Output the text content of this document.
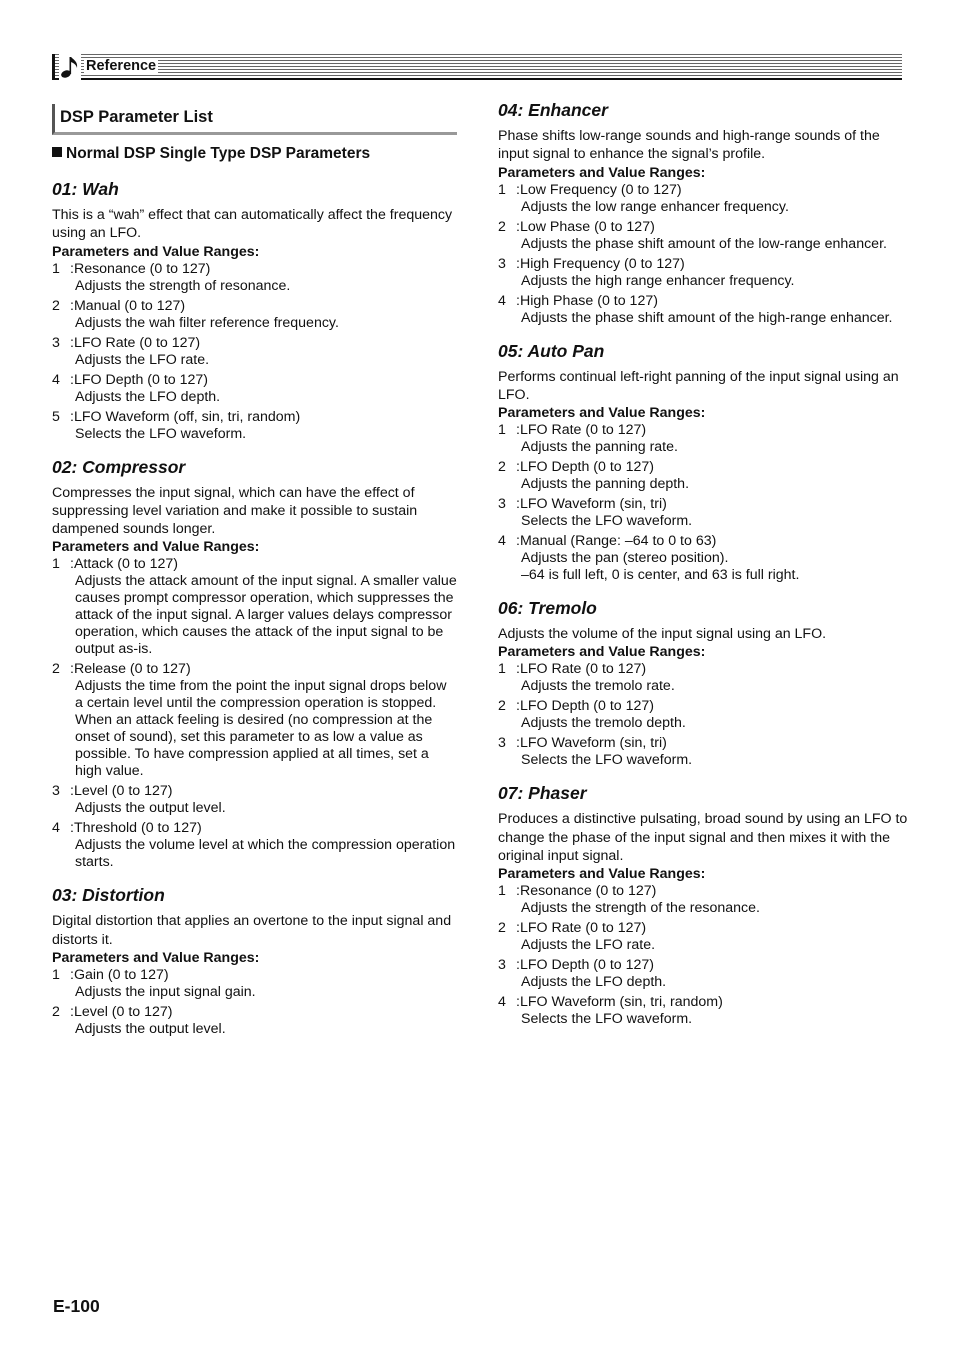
Reference
DSP Parameter List
Normal DSP Single Type DSP Parameters
01: Wah
This is a “wah” effect that can automatically affect the frequency using an LFO.
Parameters and Value Ranges:
1 :Resonance (0 to 127)
Adjusts the strength of resonance.
2 :Manual (0 to 127)
Adjusts the wah filter reference frequency.
3 :LFO Rate (0 to 127)
Adjusts the LFO rate.
4 :LFO Depth (0 to 127)
Adjusts the LFO depth.
5 :LFO Waveform (off, sin, tri, random)
Selects the LFO waveform.
02: Compressor
Compresses the input signal, which can have the effect of suppressing level variation and make it possible to sustain dampened sounds longer.
Parameters and Value Ranges:
1 :Attack (0 to 127)
Adjusts the attack amount of the input signal. A smaller value causes prompt compressor operation, which suppresses the attack of the input signal. A larger values delays compressor operation, which causes the attack of the input signal to be output as-is.
2 :Release (0 to 127)
Adjusts the time from the point the input signal drops below a certain level until the compression operation is stopped. When an attack feeling is desired (no compression at the onset of sound), set this parameter to as low a value as possible. To have compression applied at all times, set a high value.
3 :Level (0 to 127)
Adjusts the output level.
4 :Threshold (0 to 127)
Adjusts the volume level at which the compression operation starts.
03: Distortion
Digital distortion that applies an overtone to the input signal and distorts it.
Parameters and Value Ranges:
1 :Gain (0 to 127)
Adjusts the input signal gain.
2 :Level (0 to 127)
Adjusts the output level.
04: Enhancer
Phase shifts low-range sounds and high-range sounds of the input signal to enhance the signal’s profile.
Parameters and Value Ranges:
1 :Low Frequency (0 to 127)
Adjusts the low range enhancer frequency.
2 :Low Phase (0 to 127)
Adjusts the phase shift amount of the low-range enhancer.
3 :High Frequency (0 to 127)
Adjusts the high range enhancer frequency.
4 :High Phase (0 to 127)
Adjusts the phase shift amount of the high-range enhancer.
05: Auto Pan
Performs continual left-right panning of the input signal using an LFO.
Parameters and Value Ranges:
1 :LFO Rate (0 to 127)
Adjusts the panning rate.
2 :LFO Depth (0 to 127)
Adjusts the panning depth.
3 :LFO Waveform (sin, tri)
Selects the LFO waveform.
4 :Manual (Range: –64 to 0 to 63)
Adjusts the pan (stereo position).
–64 is full left, 0 is center, and 63 is full right.
06: Tremolo
Adjusts the volume of the input signal using an LFO.
Parameters and Value Ranges:
1 :LFO Rate (0 to 127)
Adjusts the tremolo rate.
2 :LFO Depth (0 to 127)
Adjusts the tremolo depth.
3 :LFO Waveform (sin, tri)
Selects the LFO waveform.
07: Phaser
Produces a distinctive pulsating, broad sound by using an LFO to change the phase of the input signal and then mixes it with the original input signal.
Parameters and Value Ranges:
1 :Resonance (0 to 127)
Adjusts the strength of the resonance.
2 :LFO Rate (0 to 127)
Adjusts the LFO rate.
3 :LFO Depth (0 to 127)
Adjusts the LFO depth.
4 :LFO Waveform (sin, tri, random)
Selects the LFO waveform.
E-100
